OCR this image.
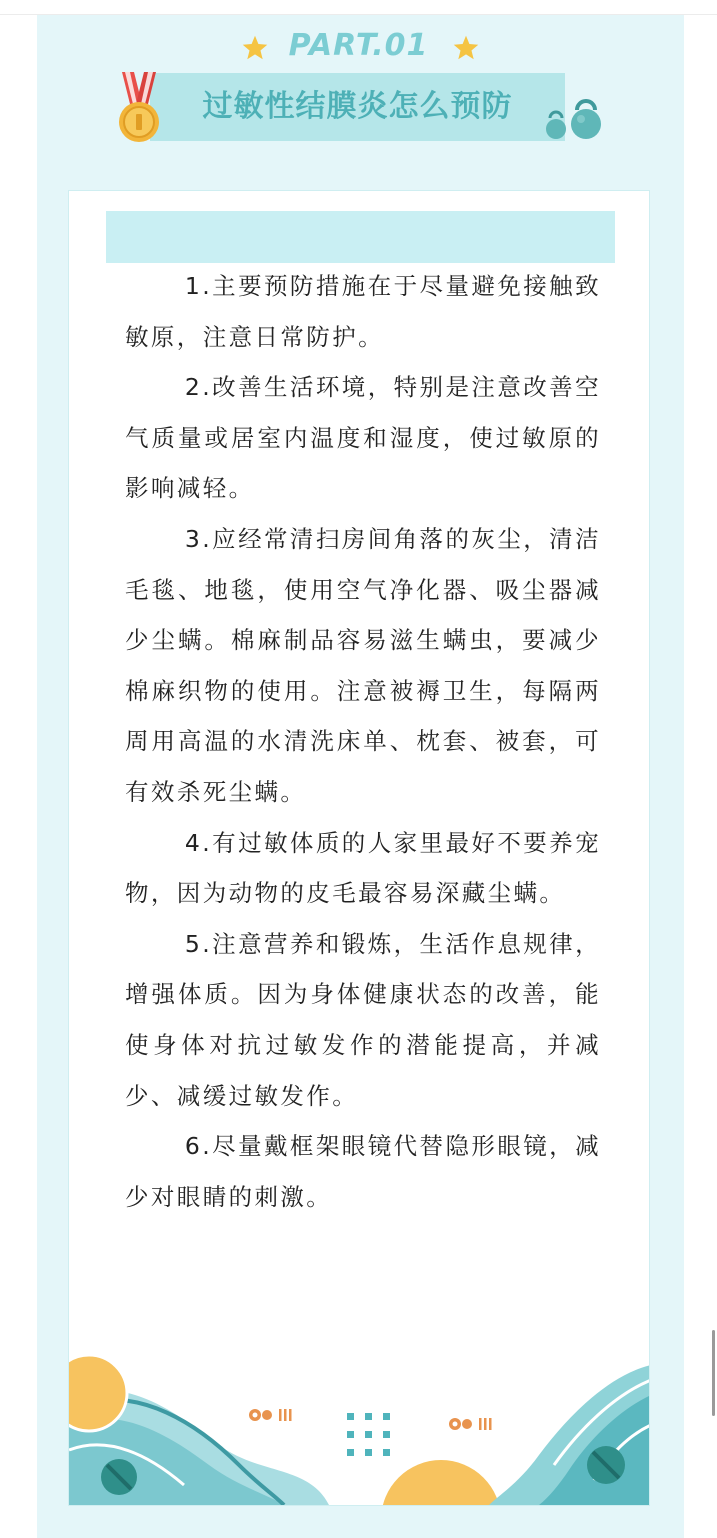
PART.01
过敏性结膜炎怎么预防

1.主要预防措施在于尽量避免接触致敏原，注意日常防护。

2.改善生活环境，特别是注意改善空气质量或居室内温度和湿度，使过敏原的影响减轻。

3.应经常清扫房间角落的灰尘，清洁毛毯、地毯，使用空气净化器、吸尘器减少尘螨。棉麻制品容易滋生螨虫，要减少棉麻织物的使用。注意被褥卫生，每隔两周用高温的水清洗床单、枕套、被套，可有效杀死尘螨。

4.有过敏体质的人家里最好不要养宠物，因为动物的皮毛最容易深藏尘螨。

5.注意营养和锻炼，生活作息规律，增强体质。因为身体健康状态的改善，能使身体对抗过敏发作的潜能提高，并减少、减缓过敏发作。

6.尽量戴框架眼镜代替隐形眼镜，减少对眼睛的刺激。
